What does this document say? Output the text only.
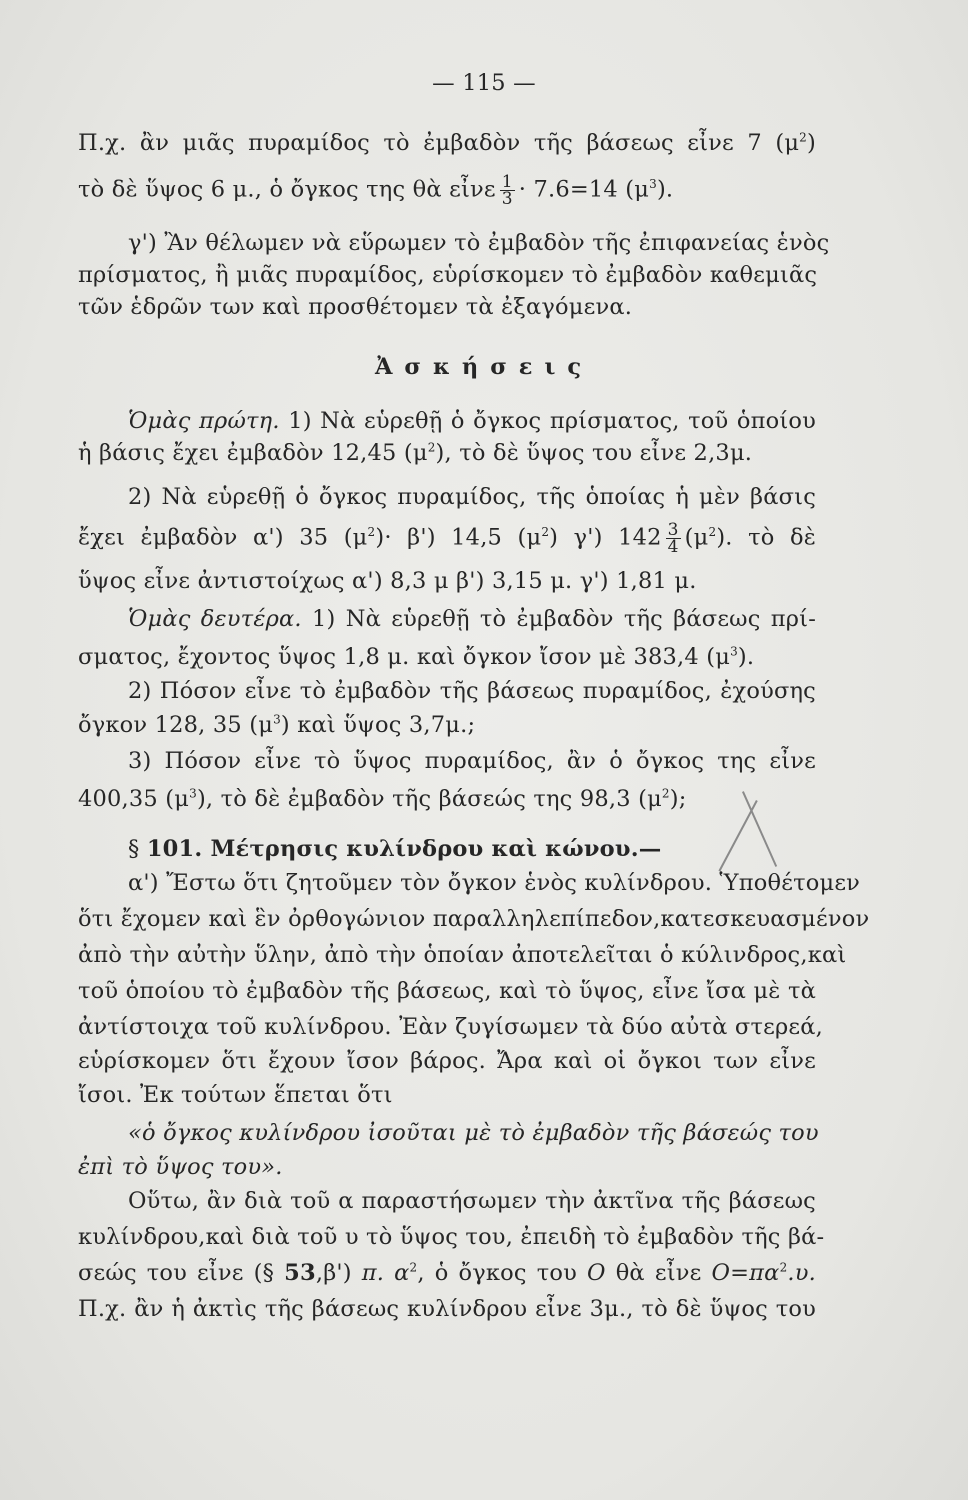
— 115 —
Π.χ. ἂν μιᾶς πυραμίδος τὸ ἐμβαδὸν τῆς βάσεως εἶνε 7 $(\mu^2)$
τὸ δὲ ὕψος 6 μ., ὁ ὄγκος της θὰ εἶνε $\frac{1}{3} \cdot 7.6=14$ $(\mu^3)$.
γ') Ἂν θέλωμεν νὰ εὕρωμεν τὸ ἐμβαδὸν τῆς ἐπιφανείας ἑνὸς
πρίσματος, ἢ μιᾶς πυραμίδος, εὑρίσκομεν τὸ ἐμβαδὸν καθεμιᾶς
τῶν ἑδρῶν των καὶ προσθέτομεν τὰ ἐξαγόμενα.
Ἀσκήσεις
Ὁμὰς πρώτη. 1) Νὰ εὑρεθῇ ὁ ὄγκος πρίσματος, τοῦ ὁποίου
ἡ βάσις ἔχει ἐμβαδὸν 12,45 $(\mu^2)$, τὸ δὲ ὕψος του εἶνε 2,3μ.
2) Νὰ εὑρεθῇ ὁ ὄγκος πυραμίδος, τῆς ὁποίας ἡ μὲν βάσις
ἔχει ἐμβαδὸν α') 35 $(\mu^2)\cdot \beta'$) 14,5 $(\mu^2)$ γ') $142 \frac{3}{4} (\mu^2)$. τὸ δὲ
ὕψος εἶνε ἀντιστοίχως α') 8,3 μ β') 3,15 μ. γ') 1,81 μ.
Ὁμὰς δευτέρα. 1) Νὰ εὑρεθῇ τὸ ἐμβαδὸν τῆς βάσεως πρί-
σματος, ἔχοντος ὕψος 1,8 μ. καὶ ὄγκον ἴσον μὲ 383,4 $(\mu^3)$.
2) Πόσον εἶνε τὸ ἐμβαδὸν τῆς βάσεως πυραμίδος, ἐχούσης
ὄγκον 128, 35 $(\mu^3)$ καὶ ὕψος 3,7μ.;
3) Πόσον εἶνε τὸ ὕψος πυραμίδος, ἂν ὁ ὄγκος της εἶνε
400,35 $(\mu^3)$, τὸ δὲ ἐμβαδὸν τῆς βάσεώς της 98,3 $(\mu^2)$;
§ 101. Μέτρησις κυλίνδρου καὶ κώνου.—
α') Ἔστω ὅτι ζητοῦμεν τὸν ὄγκον ἑνὸς κυλίνδρου. Ὑποθέτομεν
ὅτι ἔχομεν καὶ ἓν ὀρθογώνιον παραλληλεπίπεδον,κατεσκευασμένον
ἀπὸ τὴν αὐτὴν ὕλην, ἀπὸ τὴν ὁποίαν ἀποτελεῖται ὁ κύλινδρος,καὶ
τοῦ ὁποίου τὸ ἐμβαδὸν τῆς βάσεως, καὶ τὸ ὕψος, εἶνε ἴσα μὲ τὰ
ἀντίστοιχα τοῦ κυλίνδρου. Ἐὰν ζυγίσωμεν τὰ δύο αὐτὰ στερεά,
εὑρίσκομεν ὅτι ἔχουν ἴσον βάρος. Ἄρα καὶ οἱ ὄγκοι των εἶνε
ἴσοι. Ἐκ τούτων ἕπεται ὅτι
«ὁ ὄγκος κυλίνδρου ἰσοῦται μὲ τὸ ἐμβαδὸν τῆς βάσεώς του
ἐπὶ τὸ ὕψος του».
Οὕτω, ἂν διὰ τοῦ α παραστήσωμεν τὴν ἀκτῖνα τῆς βάσεως
κυλίνδρου,καὶ διὰ τοῦ υ τὸ ὕψος του, ἐπειδὴ τὸ ἐμβαδὸν τῆς βά-
σεώς του εἶνε (§ 53,β') π. $\alpha^2$, ὁ ὄγκος του O θὰ εἶνε $O=\pi\alpha^2.\upsilon$.
Π.χ. ἂν ἡ ἀκτὶς τῆς βάσεως κυλίνδρου εἶνε 3μ., τὸ δὲ ὕψος του
